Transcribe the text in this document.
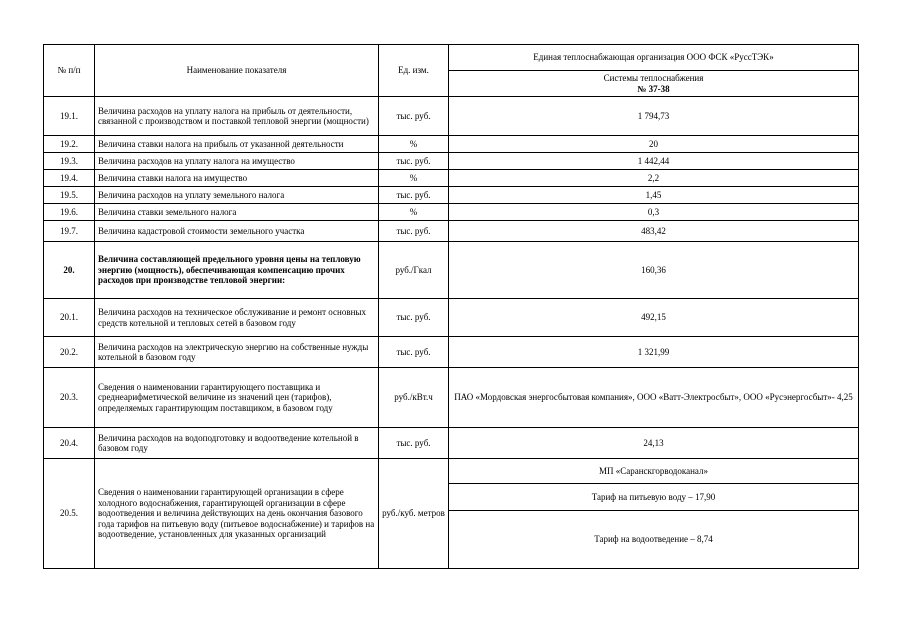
№ п/п	Наименование показателя	Ед. изм.	Единая теплоснабжающая организация ООО ФСК «РуссТЭК»

			Системы теплоснабжения
№ 37-38

19.1.	Величина расходов на уплату налога на прибыль от деятельности, связанной с производством и поставкой тепловой энергии (мощности)	тыс. руб.	1 794,73
19.2.	Величина ставки налога на прибыль от указанной деятельности	%	20
19.3.	Величина расходов на уплату налога на имущество	тыс. руб.	1 442,44
19.4.	Величина ставки налога на имущество	%	2,2
19.5.	Величина расходов на уплату земельного налога	тыс. руб.	1,45
19.6.	Величина ставки земельного налога	%	0,3
19.7.	Величина кадастровой стоимости земельного участка	тыс. руб.	483,42
20.	Величина составляющей предельного уровня цены на тепловую энергию (мощность), обеспечивающая компенсацию прочих расходов при производстве тепловой энергии:	руб./Гкал	160,36
20.1.	Величина расходов на техническое обслуживание и ремонт основных средств котельной и тепловых сетей в базовом году	тыс. руб.	492,15
20.2.	Величина расходов на электрическую энергию на собственные нужды котельной в базовом году	тыс. руб.	1 321,99
20.3.	Сведения о наименовании гарантирующего поставщика и среднеарифметической величине из значений цен (тарифов), определяемых гарантирующим поставщиком, в базовом году	руб./кВт.ч	ПАО «Мордовская энергосбытовая компания», ООО «Ватт-Электросбыт», ООО «Русэнергосбыт»- 4,25
20.4.	Величина расходов на водоподготовку и водоотведение котельной в базовом году	тыс. руб.	24,13
20.5.	Сведения о наименовании гарантирующей организации в сфере холодного водоснабжения, гарантирующей организации в сфере водоотведения и величина действующих на день окончания базового года тарифов на питьевую воду (питьевое водоснабжение) и тарифов на водоотведение, установленных для указанных организаций	руб./куб. метров	МП «Саранскгорводоканал»
			Тариф на питьевую воду – 17,90
			Тариф на водоотведение – 8,74
